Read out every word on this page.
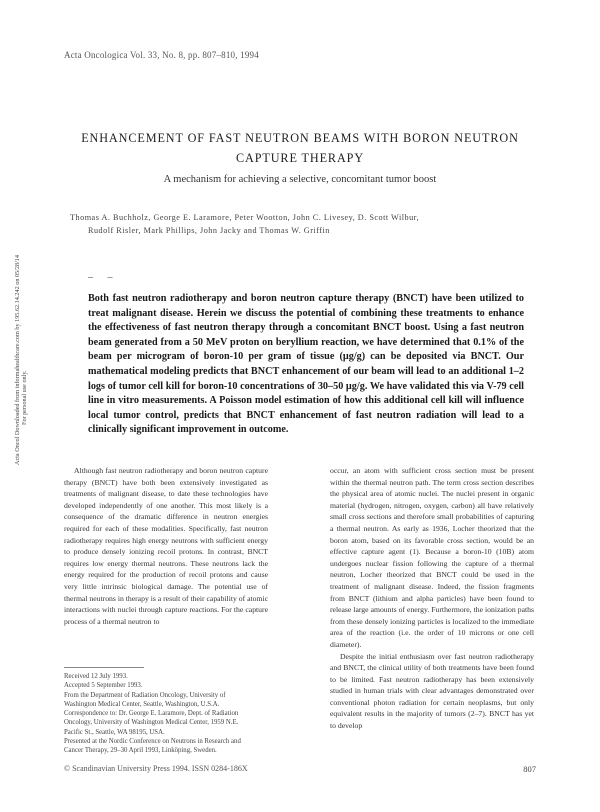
Acta Oncologica Vol. 33, No. 8, pp. 807–810, 1994
Acta Oncol Downloaded from informahealthcare.com by 195.62.14.242 on 05/28/14 For personal use only.
ENHANCEMENT OF FAST NEUTRON BEAMS WITH BORON NEUTRON
CAPTURE THERAPY
A mechanism for achieving a selective, concomitant tumor boost
Thomas A. Buchholz, George E. Laramore, Peter Wootton, John C. Livesey, D. Scott Wilbur,
Rudolf Risler, Mark Phillips, John Jacky and Thomas W. Griffin
– –
Both fast neutron radiotherapy and boron neutron capture therapy (BNCT) have been utilized to treat malignant disease. Herein we discuss the potential of combining these treatments to enhance the effectiveness of fast neutron therapy through a concomitant BNCT boost. Using a fast neutron beam generated from a 50 MeV proton on beryllium reaction, we have determined that 0.1% of the beam per microgram of boron-10 per gram of tissue (µg/g) can be deposited via BNCT. Our mathematical modeling predicts that BNCT enhancement of our beam will lead to an additional 1–2 logs of tumor cell kill for boron-10 concentrations of 30–50 µg/g. We have validated this via V-79 cell line in vitro measurements. A Poisson model estimation of how this additional cell kill will influence local tumor control, predicts that BNCT enhancement of fast neutron radiation will lead to a clinically significant improvement in outcome.

Although fast neutron radiotherapy and boron neutron capture therapy (BNCT) have both been extensively investigated as treatments of malignant disease, to date these technologies have developed independently of one another. This most likely is a consequence of the dramatic difference in neutron energies required for each of these modalities. Specifically, fast neutron radiotherapy requires high energy neutrons with sufficient energy to produce densely ionizing recoil protons. In contrast, BNCT requires low energy thermal neutrons. These neutrons lack the energy required for the production of recoil protons and cause very little intrinsic biological damage. The potential use of thermal neutrons in therapy is a result of their capability of atomic interactions with nuclei through capture reactions. For the capture process of a thermal neutron to

occur, an atom with sufficient cross section must be present within the thermal neutron path. The term cross section describes the physical area of atomic nuclei. The nuclei present in organic material (hydrogen, nitrogen, oxygen, carbon) all have relatively small cross sections and therefore small probabilities of capturing a thermal neutron. As early as 1936, Locher theorized that the boron atom, based on its favorable cross section, would be an effective capture agent (1). Because a boron-10 (10B) atom undergoes nuclear fission following the capture of a thermal neutron, Locher theorized that BNCT could be used in the treatment of malignant disease. Indeed, the fission fragments from BNCT (lithium and alpha particles) have been found to release large amounts of energy. Furthermore, the ionization paths from these densely ionizing particles is localized to the immediate area of the reaction (i.e. the order of 10 microns or one cell diameter).

Despite the initial enthusiasm over fast neutron radiotherapy and BNCT, the clinical utility of both treatments have been found to be limited. Fast neutron radiotherapy has been extensively studied in human trials with clear advantages demonstrated over conventional photon radiation for certain neoplasms, but only equivalent results in the majority of tumors (2–7). BNCT has yet to develop

Received 12 July 1993.
Accepted 5 September 1993.
From the Department of Radiation Oncology, University of
Washington Medical Center, Seattle, Washington, U.S.A.
Correspondence to: Dr. George E. Laramore, Dept. of Radiation
Oncology, University of Washington Medical Center, 1959 N.E.
Pacific St., Seattle, WA 98195, USA.
Presented at the Nordic Conference on Neutrons in Research and
Cancer Therapy, 29–30 April 1993, Linköping, Sweden.
© Scandinavian University Press 1994. ISSN 0284-186X	807
